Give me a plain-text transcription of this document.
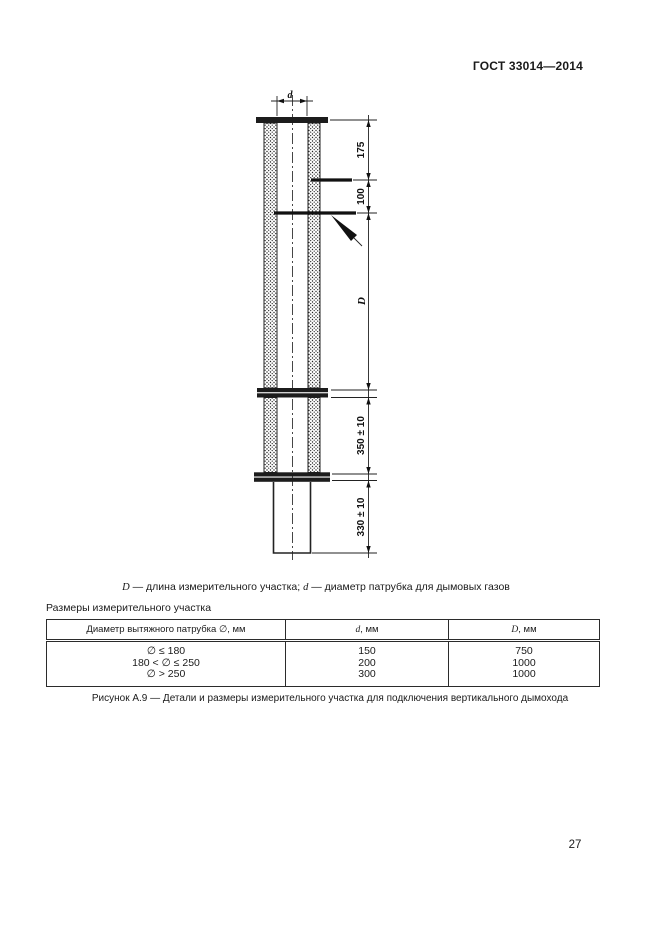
ГОСТ 33014—2014
d
175
100
D
350 ± 10
330 ± 10
D — длина измерительного участка; d — диаметр патрубка для дымовых газов
Размеры измерительного участка
Диаметр вытяжного патрубка ∅, мм	d, мм	D, мм
∅ ≤ 180	150	750
180 < ∅ ≤ 250	200	1000
∅ > 250	300	1000
Рисунок А.9 — Детали и размеры измерительного участка для подключения вертикального дымохода
27
